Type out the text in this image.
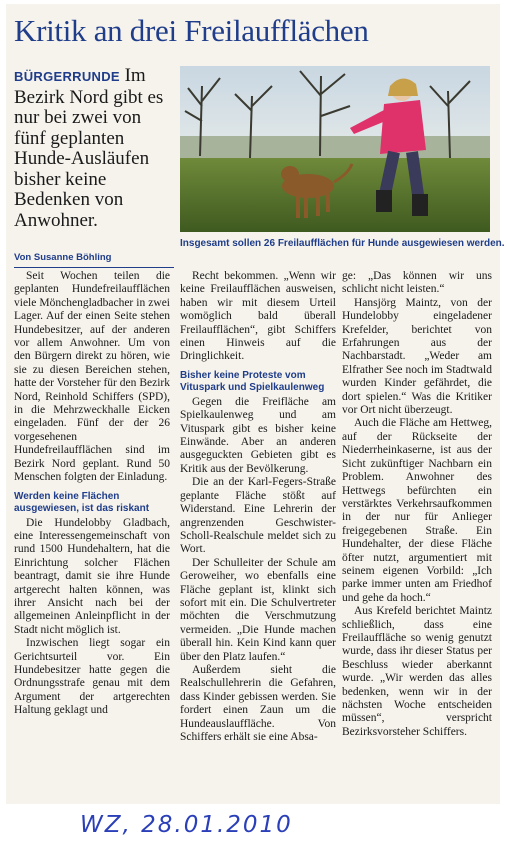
Kritik an drei Freilaufflächen

BÜRGERRUNDE Im Bezirk Nord gibt es nur bei zwei von fünf geplanten Hunde-Ausläufen bisher keine Bedenken von Anwohner.

Insgesamt sollen 26 Freilaufflächen für Hunde ausgewiesen werden.

Von Susanne Böhling

Seit Wochen teilen die geplanten Hundefreilaufflächen viele Mönchengladbacher in zwei Lager. Auf der einen Seite stehen Hundebesitzer, auf der anderen vor allem Anwohner. Um von den Bürgern direkt zu hören, wie sie zu diesen Bereichen stehen, hatte der Vorsteher für den Bezirk Nord, Reinhold Schiffers (SPD), in die Mehrzweckhalle Eicken eingeladen. Fünf der der 26 vorgesehenen Hundefreilaufflächen sind im Bezirk Nord geplant. Rund 50 Menschen folgten der Einladung.

Werden keine Flächen ausgewiesen, ist das riskant

Die Hundelobby Gladbach, eine Interessengemeinschaft von rund 1500 Hundehaltern, hat die Einrichtung solcher Flächen beantragt, damit sie ihre Hunde artgerecht halten können, was ihrer Ansicht nach bei der allgemeinen Anleinpflicht in der Stadt nicht möglich ist.

Inzwischen liegt sogar ein Gerichtsurteil vor. Ein Hundebesitzer hatte gegen die Ordnungsstrafe genau mit dem Argument der artgerechten Haltung geklagt und

Recht bekommen. „Wenn wir keine Freilaufflächen ausweisen, haben wir mit diesem Urteil womöglich bald überall Freilaufflächen“, gibt Schiffers einen Hinweis auf die Dringlichkeit.

Bisher keine Proteste vom Vituspark und Spielkaulenweg

Gegen die Freifläche am Spielkaulenweg und am Vituspark gibt es bisher keine Einwände. Aber an anderen ausgeguckten Gebieten gibt es Kritik aus der Bevölkerung.

Die an der Karl-Fegers-Straße geplante Fläche stößt auf Widerstand. Eine Lehrerin der angrenzenden Geschwister-Scholl-Realschule meldet sich zu Wort.

Der Schulleiter der Schule am Geroweiher, wo ebenfalls eine Fläche geplant ist, klinkt sich sofort mit ein. Die Schulvertreter möchten die Verschmutzung vermeiden. „Die Hunde machen überall hin. Kein Kind kann quer über den Platz laufen.“

Außerdem sieht die Realschullehrerin die Gefahren, dass Kinder gebissen werden. Sie fordert einen Zaun um die Hundeauslauffläche. Von Schiffers erhält sie eine Absa-

ge: „Das können wir uns schlicht nicht leisten.“

Hansjörg Maintz, von der Hundelobby eingeladener Krefelder, berichtet von Erfahrungen aus der Nachbarstadt. „Weder am Elfrather See noch im Stadtwald wurden Kinder gefährdet, die dort spielen.“ Was die Kritiker vor Ort nicht überzeugt.

Auch die Fläche am Hettweg, auf der Rückseite der Niederrheinkaserne, ist aus der Sicht zukünftiger Nachbarn ein Problem. Anwohner des Hettwegs befürchten ein verstärktes Verkehrsaufkommen in der nur für Anlieger freigegebenen Straße. Ein Hundehalter, der diese Fläche öfter nutzt, argumentiert mit seinem eigenen Vorbild: „Ich parke immer unten am Friedhof und gehe da hoch.“

Aus Krefeld berichtet Maintz schließlich, dass eine Freilauffläche so wenig genutzt wurde, dass ihr dieser Status per Beschluss wieder aberkannt wurde. „Wir werden das alles bedenken, wenn wir in der nächsten Woche entscheiden müssen“, verspricht Bezirksvorsteher Schiffers.

WZ, 28.01.2010
